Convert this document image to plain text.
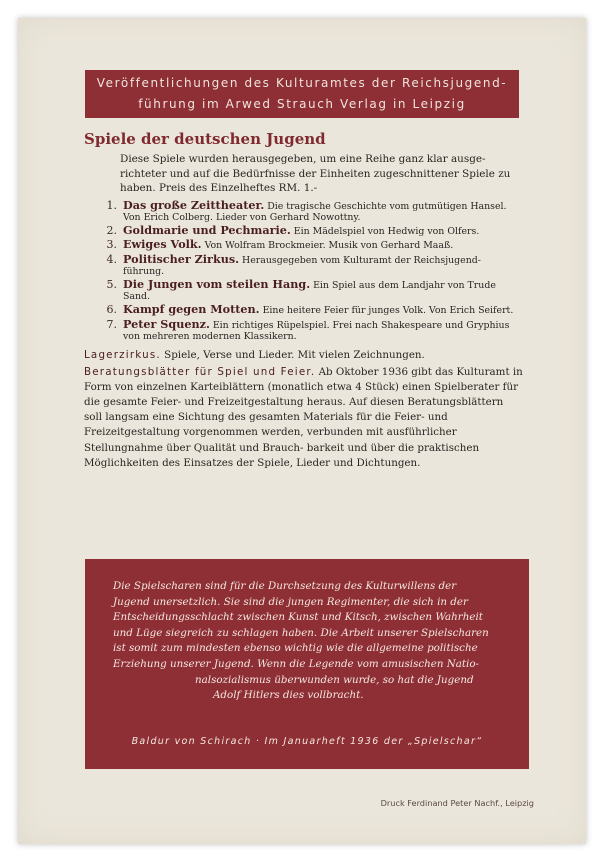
Veröffentlichungen des Kulturamtes der Reichsjugend-
führung im Arwed Strauch Verlag in Leipzig
Spiele der deutschen Jugend

Diese Spiele wurden herausgegeben, um eine Reihe ganz klar ausge- richteter und auf die Bedürfnisse der Einheiten zugeschnittener Spiele zu haben. Preis des Einzelheftes RM. 1.-

1. Das große Zeittheater. Die tragische Geschichte vom gutmütigen Hansel. Von Erich Colberg. Lieder von Gerhard Nowottny.
2. Goldmarie und Pechmarie. Ein Mädelspiel von Hedwig von Olfers.
3. Ewiges Volk. Von Wolfram Brockmeier. Musik von Gerhard Maaß.
4. Politischer Zirkus. Herausgegeben vom Kulturamt der Reichsjugend- führung.
5. Die Jungen vom steilen Hang. Ein Spiel aus dem Landjahr von Trude Sand.
6. Kampf gegen Motten. Eine heitere Feier für junges Volk. Von Erich Seifert.
7. Peter Squenz. Ein richtiges Rüpelspiel. Frei nach Shakespeare und Gryphius von mehreren modernen Klassikern.

Lagerzirkus. Spiele, Verse und Lieder. Mit vielen Zeichnungen.

Beratungsblätter für Spiel und Feier. Ab Oktober 1936 gibt das Kulturamt in Form von einzelnen Karteiblättern (monatlich etwa 4 Stück) einen Spielberater für die gesamte Feier- und Freizeitgestaltung heraus. Auf diesen Beratungsblättern soll langsam eine Sichtung des gesamten Materials für die Feier- und Freizeitgestaltung vorgenommen werden, verbunden mit ausführlicher Stellungnahme über Qualität und Brauch- barkeit und über die praktischen Möglichkeiten des Einsatzes der Spiele, Lieder und Dichtungen.

Die Spielscharen sind für die Durchsetzung des Kulturwillens der
Jugend unersetzlich. Sie sind die jungen Regimenter, die sich in der
Entscheidungsschlacht zwischen Kunst und Kitsch, zwischen Wahrheit
und Lüge siegreich zu schlagen haben. Die Arbeit unserer Spielscharen
ist somit zum mindesten ebenso wichtig wie die allgemeine politische
Erziehung unserer Jugend. Wenn die Legende vom amusischen Natio-
nalsozialismus überwunden wurde, so hat die Jugend
Adolf Hitlers dies vollbracht.
Baldur von Schirach · Im Januarheft 1936 der „Spielschar“
Druck Ferdinand Peter Nachf., Leipzig
